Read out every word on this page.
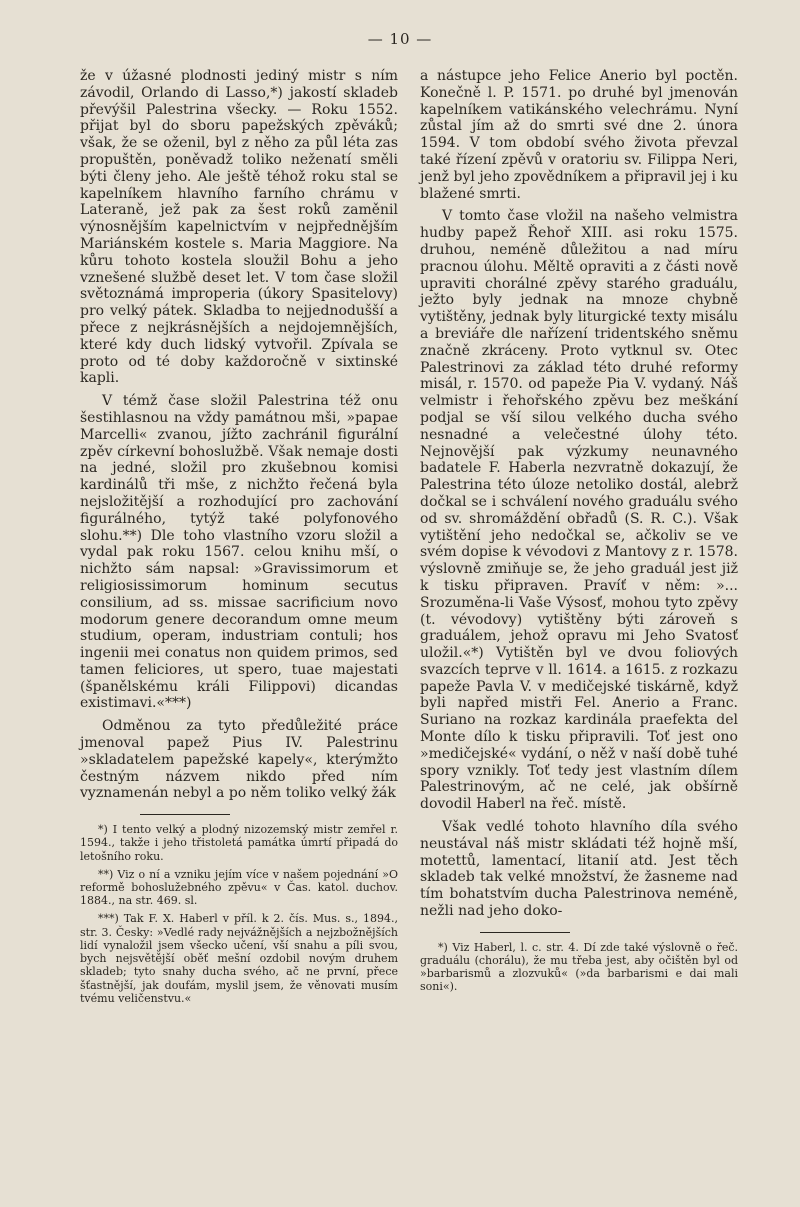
— 10 —

že v úžasné plodnosti jediný mistr s ním závodil, Orlando di Lasso,*) jakostí skladeb převýšil Palestrina všecky. — Roku 1552. přijat byl do sboru papežských zpěváků; však, že se oženil, byl z něho za půl léta zas propuštěn, poněvadž toliko neženatí směli býti členy jeho. Ale ještě téhož roku stal se kapelníkem hlavního farního chrámu v Lateraně, jež pak za šest roků zaměnil výnosnějším kapelnictvím v nejpřednějším Mariánském kostele s. Maria Maggiore. Na kůru tohoto kostela sloužil Bohu a jeho vznešené službě deset let. V tom čase složil světoznámá improperia (úkory Spasitelovy) pro velký pátek. Skladba to nejjednodušší a přece z nejkrásnějších a nejdojemnějších, které kdy duch lidský vytvořil. Zpívala se proto od té doby každoročně v sixtinské kapli.

V témž čase složil Palestrina též onu šestihlasnou na vždy památnou mši, »papae Marcelli« zvanou, jížto zachránil figurální zpěv církevní bohoslužbě. Však nemaje dosti na jedné, složil pro zkušebnou komisi kardinálů tři mše, z nichžto řečená byla nejsložitější a rozhodující pro zachování figurálného, tytýž také polyfonového slohu.**) Dle toho vlastního vzoru složil a vydal pak roku 1567. celou knihu mší, o nichžto sám napsal: »Gravissimorum et religiosissimorum hominum secutus consilium, ad ss. missae sacrificium novo modorum genere decorandum omne meum studium, operam, industriam contuli; hos ingenii mei conatus non quidem primos, sed tamen feliciores, ut spero, tuae majestati (španělskému králi Filippovi) dicandas existimavi.«***)

Odměnou za tyto předůležité práce jmenoval papež Pius IV. Palestrinu »skladatelem papežské kapely«, kterýmžto čestným názvem nikdo před ním vyznamenán nebyl a po něm toliko velký žák

*) I tento velký a plodný nizozemský mistr zemřel r. 1594., takže i jeho třistoletá památka úmrtí připadá do letošního roku.

**) Viz o ní a vzniku jejím více v našem pojednání »O reformě bohoslužebného zpěvu« v Čas. katol. duchov. 1884., na str. 469. sl.

***) Tak F. X. Haberl v příl. k 2. čís. Mus. s., 1894., str. 3. Česky: »Vedlé rady nejvážnějších a nejzbožnějších lidí vynaložil jsem všecko učení, vší snahu a píli svou, bych nejsvětější oběť mešní ozdobil novým druhem skladeb; tyto snahy ducha svého, ač ne první, přece šťastnější, jak doufám, myslil jsem, že věnovati musím tvému veličenstvu.«

a nástupce jeho Felice Anerio byl poctěn. Konečně l. P. 1571. po druhé byl jmenován kapelníkem vatikánského velechrámu. Nyní zůstal jím až do smrti své dne 2. února 1594. V tom období svého života převzal také řízení zpěvů v oratoriu sv. Filippa Neri, jenž byl jeho zpovědníkem a připravil jej i ku blažené smrti.

V tomto čase vložil na našeho velmistra hudby papež Řehoř XIII. asi roku 1575. druhou, neméně důležitou a nad míru pracnou úlohu. Měltě opraviti a z části nově upraviti chorálné zpěvy starého graduálu, ježto byly jednak na mnoze chybně vytištěny, jednak byly liturgické texty misálu a breviáře dle nařízení tridentského sněmu značně zkráceny. Proto vytknul sv. Otec Palestrinovi za základ této druhé reformy misál, r. 1570. od papeže Pia V. vydaný. Náš velmistr i řehořského zpěvu bez meškání podjal se vší silou velkého ducha svého nesnadné a velečestné úlohy této. Nejnovější pak výzkumy neunavného badatele F. Haberla nezvratně dokazují, že Palestrina této úloze netoliko dostál, alebrž dočkal se i schválení nového graduálu svého od sv. shromáždění obřadů (S. R. C.). Však vytištění jeho nedočkal se, ačkoliv se ve svém dopise k vévodovi z Mantovy z r. 1578. výslovně zmiňuje se, že jeho graduál jest již k tisku připraven. Pravíť v něm: »... Srozuměna-li Vaše Výsosť, mohou tyto zpěvy (t. vévodovy) vytištěny býti zároveň s graduálem, jehož opravu mi Jeho Svatosť uložil.«*) Vytištěn byl ve dvou foliových svazcích teprve v ll. 1614. a 1615. z rozkazu papeže Pavla V. v medičejské tiskárně, když byli napřed mistři Fel. Anerio a Franc. Suriano na rozkaz kardinála praefekta del Monte dílo k tisku připravili. Toť jest ono »medičejské« vydání, o něž v naší době tuhé spory vznikly. Toť tedy jest vlastním dílem Palestrinovým, ač ne celé, jak obšírně dovodil Haberl na řeč. místě.

Však vedlé tohoto hlavního díla svého neustával náš mistr skládati též hojně mší, motettů, lamentací, litanií atd. Jest těch skladeb tak velké množství, že žasneme nad tím bohatstvím ducha Palestrinova neméně, nežli nad jeho doko-

*) Viz Haberl, l. c. str. 4. Dí zde také výslovně o řeč. graduálu (chorálu), že mu třeba jest, aby očištěn byl od »barbarismů a zlozvuků« (»da barbarismi e dai mali soni«).
